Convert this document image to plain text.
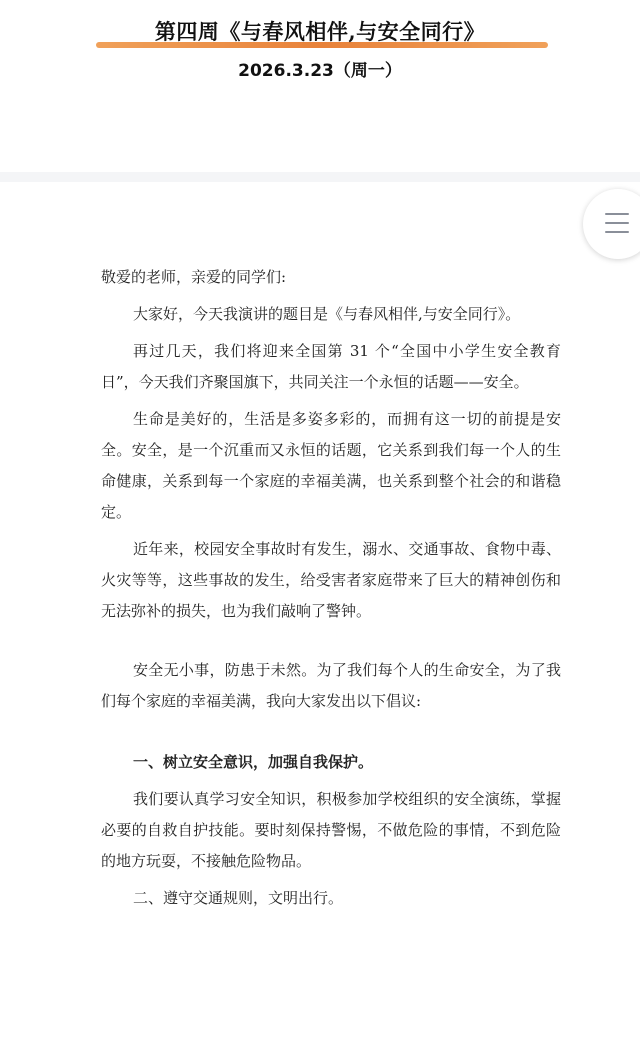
第四周《与春风相伴,与安全同行》
2026.3.23（周一）

敬爱的老师，亲爱的同学们:

大家好，今天我演讲的题目是《与春风相伴,与安全同行》。

再过几天，我们将迎来全国第 31 个“全国中小学生安全教育日”，今天我们齐聚国旗下，共同关注一个永恒的话题——安全。

生命是美好的，生活是多姿多彩的，而拥有这一切的前提是安全。安全，是一个沉重而又永恒的话题，它关系到我们每一个人的生命健康，关系到每一个家庭的幸福美满，也关系到整个社会的和谐稳定。

近年来，校园安全事故时有发生，溺水、交通事故、食物中毒、火灾等等，这些事故的发生，给受害者家庭带来了巨大的精神创伤和无法弥补的损失，也为我们敲响了警钟。

安全无小事，防患于未然。为了我们每个人的生命安全，为了我们每个家庭的幸福美满，我向大家发出以下倡议:

一、树立安全意识，加强自我保护。

我们要认真学习安全知识，积极参加学校组织的安全演练，掌握必要的自救自护技能。要时刻保持警惕，不做危险的事情，不到危险的地方玩耍，不接触危险物品。

二、遵守交通规则，文明出行。
